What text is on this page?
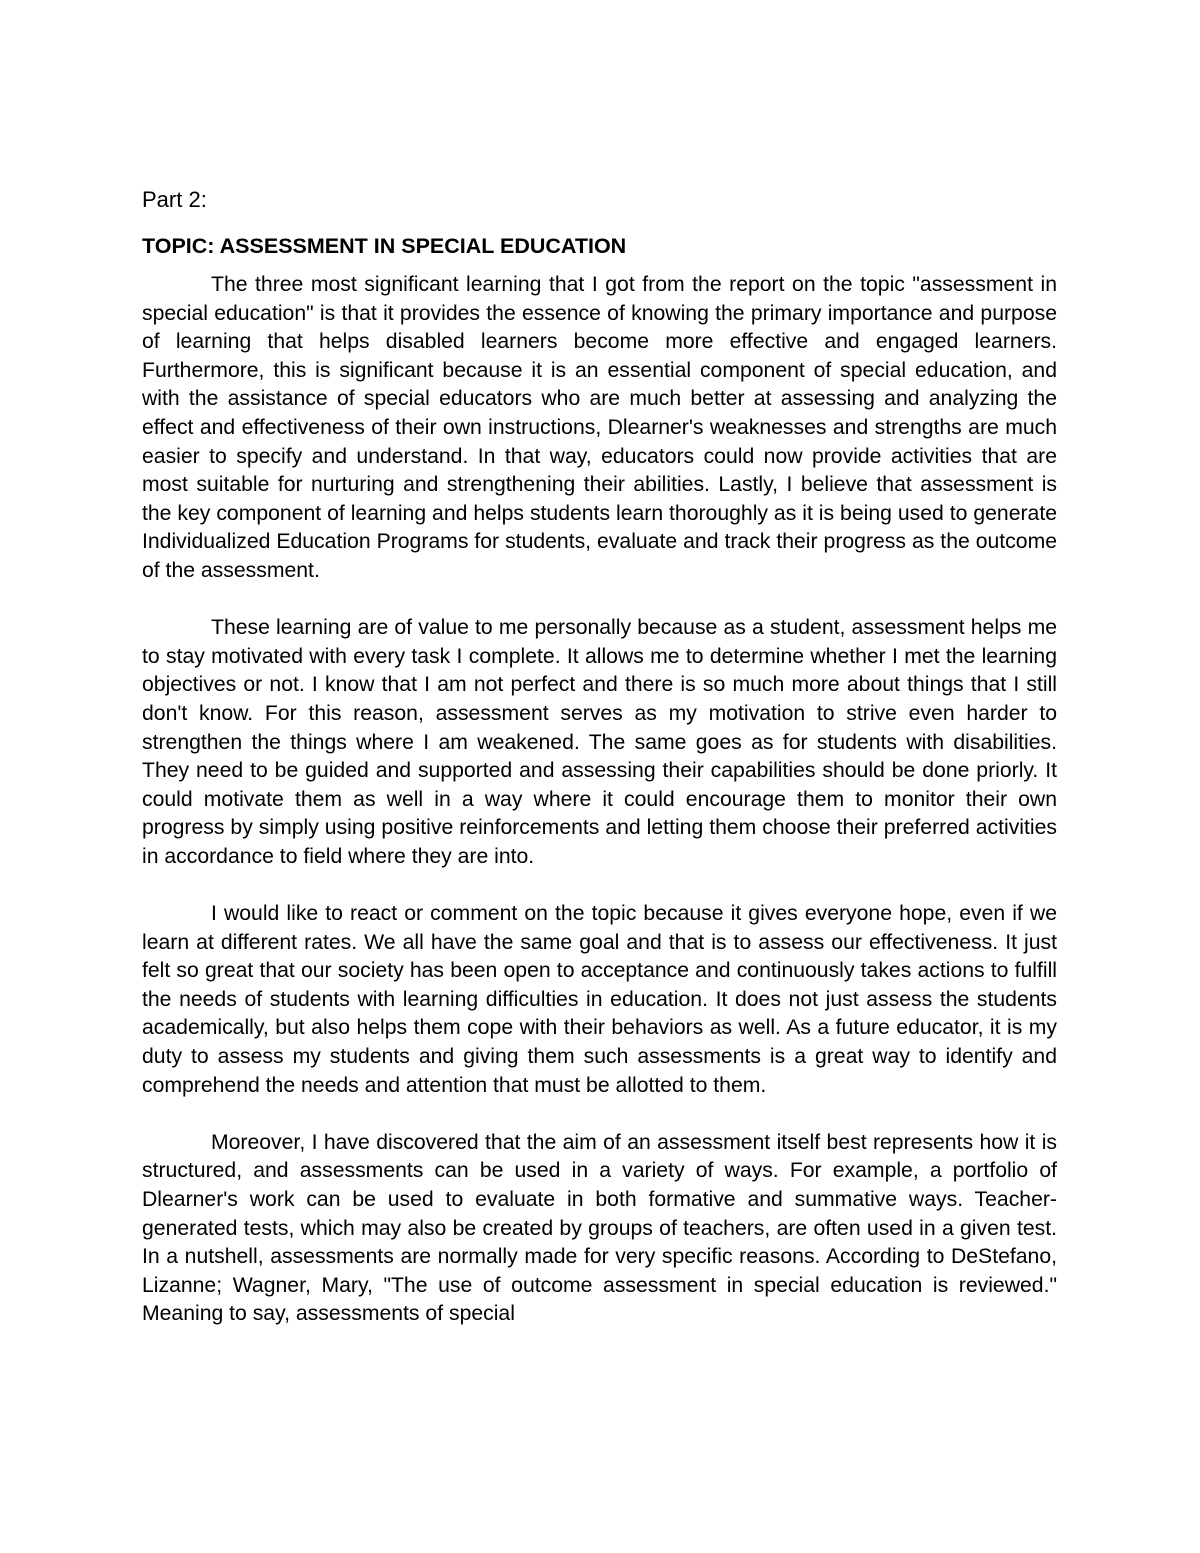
Part 2:
TOPIC: ASSESSMENT IN SPECIAL EDUCATION

The three most significant learning that I got from the report on the topic "assessment in special education" is that it provides the essence of knowing the primary importance and purpose of learning that helps disabled learners become more effective and engaged learners. Furthermore, this is significant because it is an essential component of special education, and with the assistance of special educators who are much better at assessing and analyzing the effect and effectiveness of their own instructions, Dlearner's weaknesses and strengths are much easier to specify and understand. In that way, educators could now provide activities that are most suitable for nurturing and strengthening their abilities. Lastly, I believe that assessment is the key component of learning and helps students learn thoroughly as it is being used to generate Individualized Education Programs for students, evaluate and track their progress as the outcome of the assessment.

These learning are of value to me personally because as a student, assessment helps me to stay motivated with every task I complete. It allows me to determine whether I met the learning objectives or not. I know that I am not perfect and there is so much more about things that I still don't know. For this reason, assessment serves as my motivation to strive even harder to strengthen the things where I am weakened. The same goes as for students with disabilities. They need to be guided and supported and assessing their capabilities should be done priorly. It could motivate them as well in a way where it could encourage them to monitor their own progress by simply using positive reinforcements and letting them choose their preferred activities in accordance to field where they are into.

I would like to react or comment on the topic because it gives everyone hope, even if we learn at different rates. We all have the same goal and that is to assess our effectiveness. It just felt so great that our society has been open to acceptance and continuously takes actions to fulfill the needs of students with learning difficulties in education. It does not just assess the students academically, but also helps them cope with their behaviors as well. As a future educator, it is my duty to assess my students and giving them such assessments is a great way to identify and comprehend the needs and attention that must be allotted to them.

Moreover, I have discovered that the aim of an assessment itself best represents how it is structured, and assessments can be used in a variety of ways. For example, a portfolio of Dlearner's work can be used to evaluate in both formative and summative ways. Teacher-generated tests, which may also be created by groups of teachers, are often used in a given test. In a nutshell, assessments are normally made for very specific reasons. According to DeStefano, Lizanne; Wagner, Mary, "The use of outcome assessment in special education is reviewed." Meaning to say, assessments of special
